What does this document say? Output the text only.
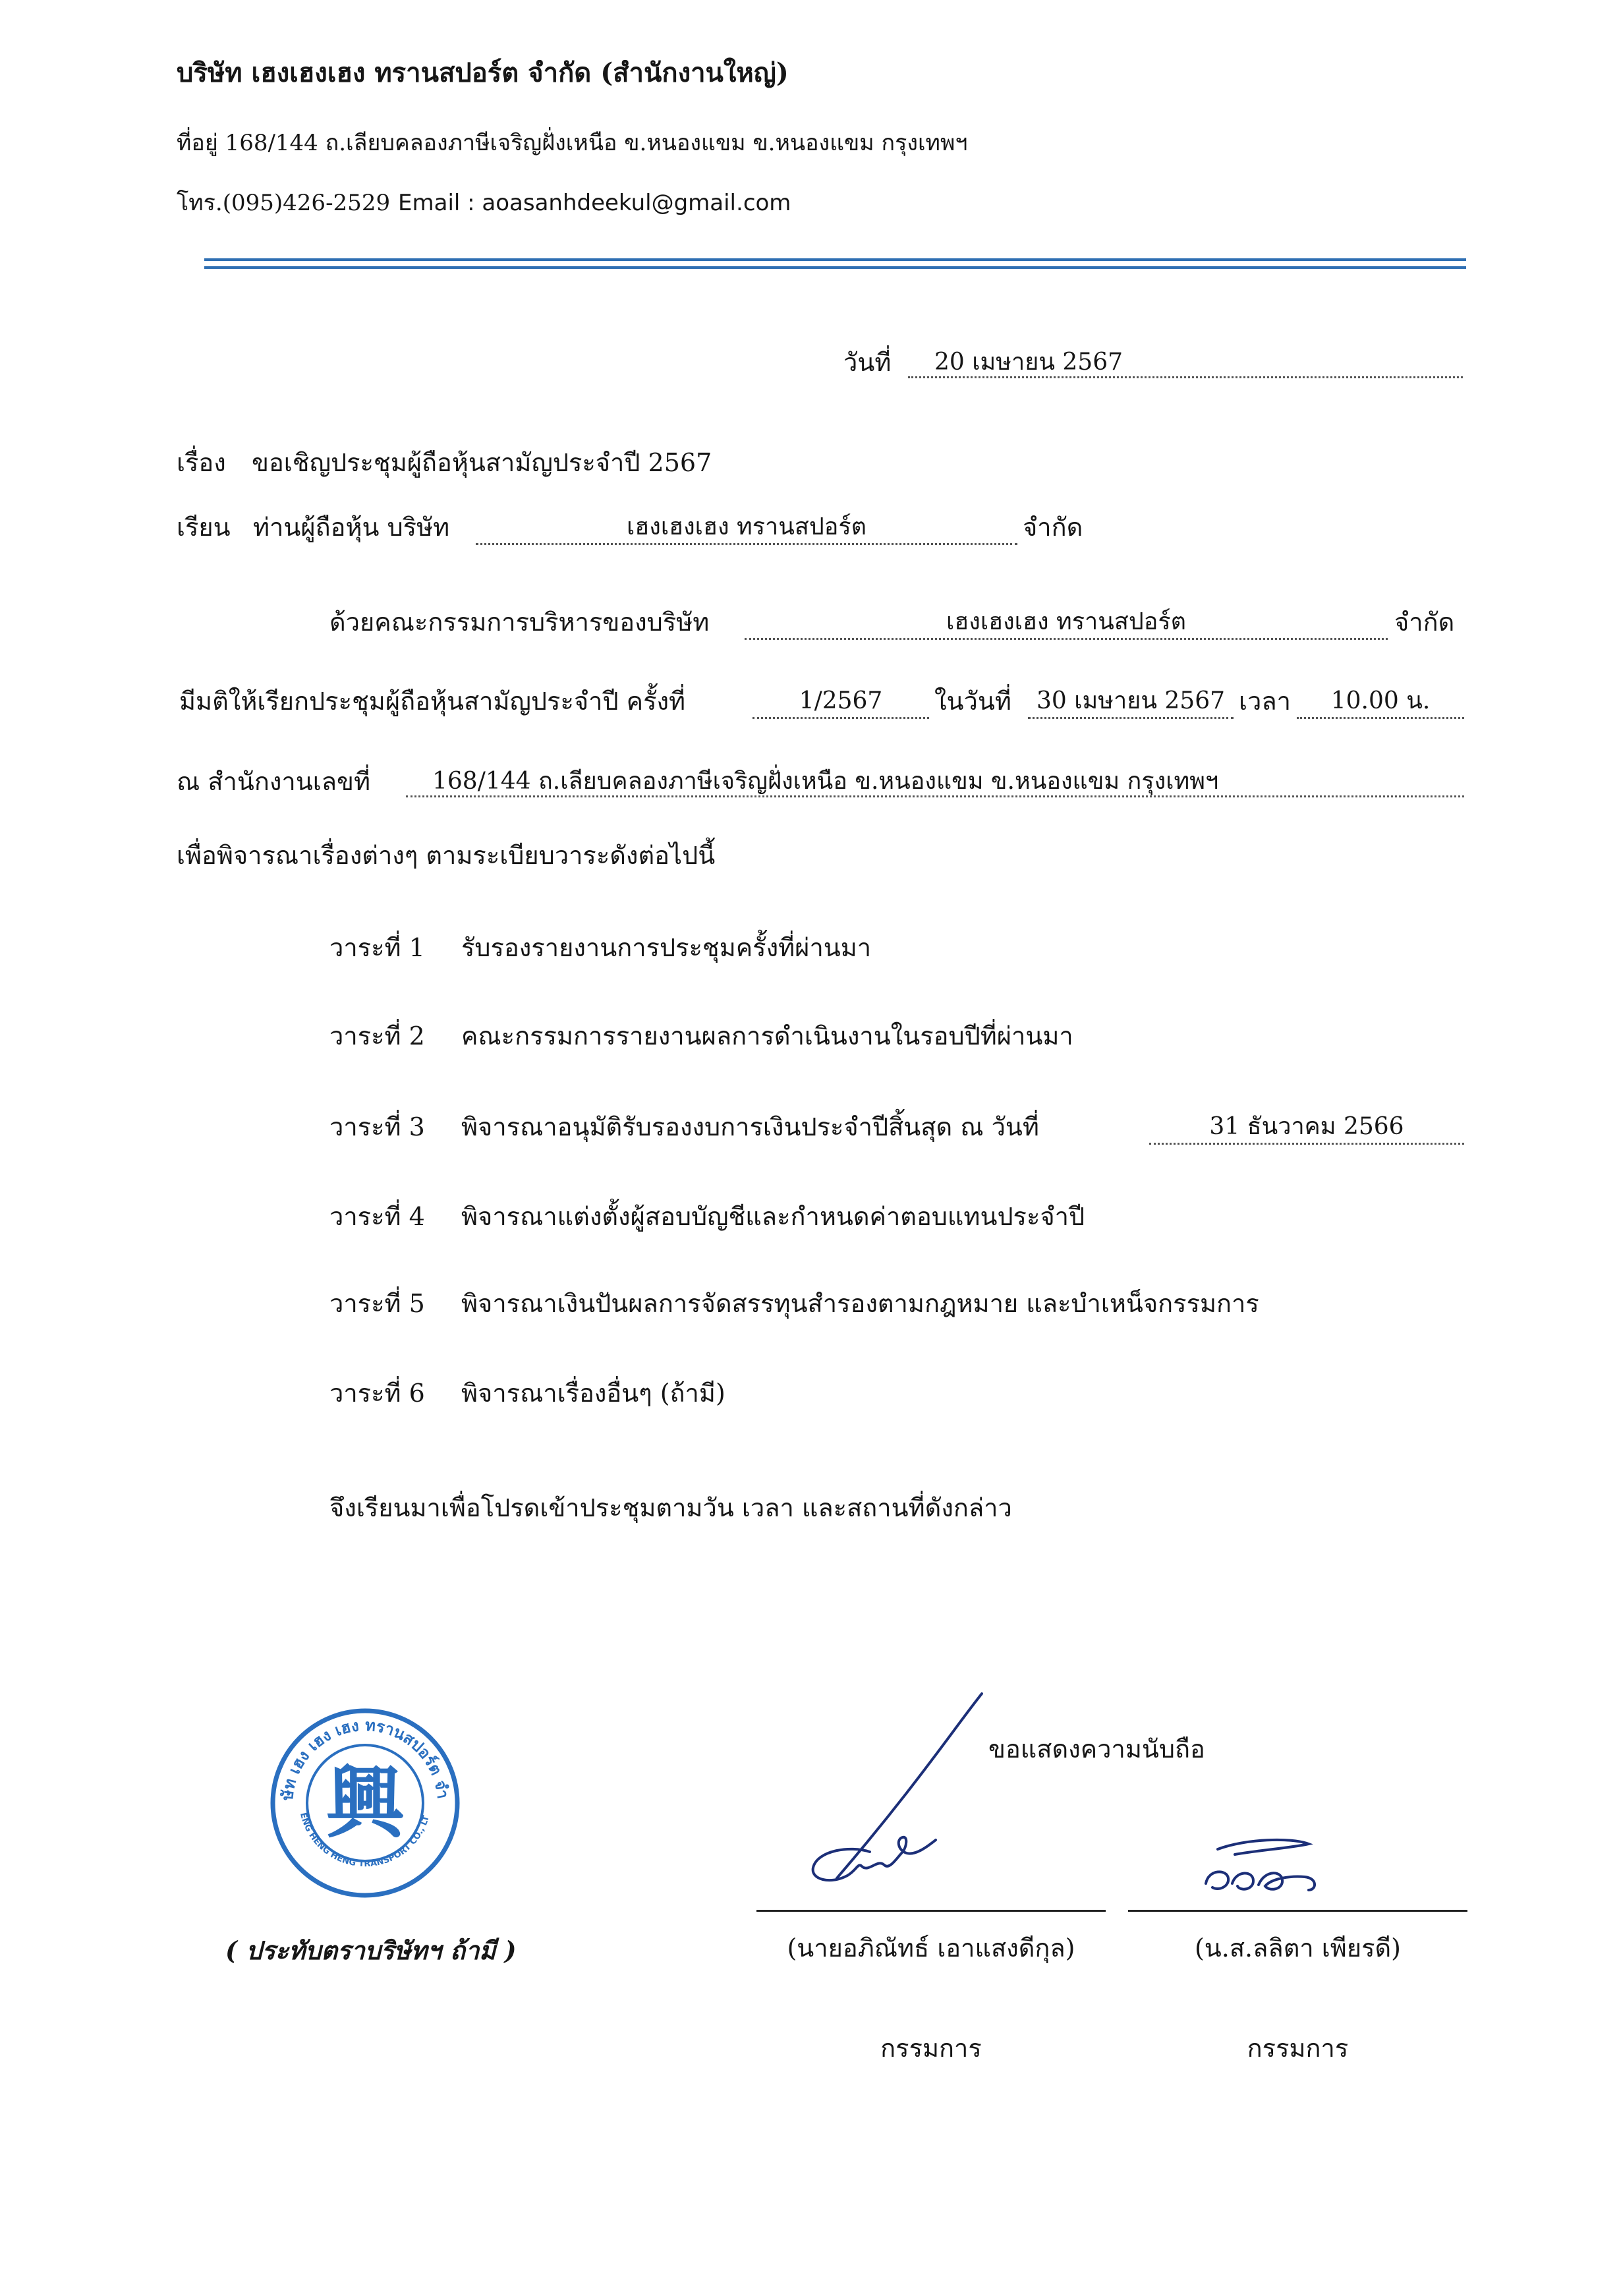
บริษัท เฮงเฮงเฮง ทรานสปอร์ต จำกัด (สำนักงานใหญ่)
ที่อยู่ 168/144 ถ.เลียบคลองภาษีเจริญฝั่งเหนือ ข.หนองแขม ข.หนองแขม กรุงเทพฯ
โทร.(095)426-2529 Email : aoasanhdeekul@gmail.com
วันที่	20 เมษายน 2567
เรื่อง ขอเชิญประชุมผู้ถือหุ้นสามัญประจำปี 2567
เรียน ท่านผู้ถือหุ้น บริษัท	เฮงเฮงเฮง ทรานสปอร์ต	จำกัด
ด้วยคณะกรรมการบริหารของบริษัท	เฮงเฮงเฮง ทรานสปอร์ต	จำกัด
มีมติให้เรียกประชุมผู้ถือหุ้นสามัญประจำปี ครั้งที่	1/2567	ในวันที่	30 เมษายน 2567 เวลา	10.00 น.
ณ สำนักงานเลขที่	168/144 ถ.เลียบคลองภาษีเจริญฝั่งเหนือ ข.หนองแขม ข.หนองแขม กรุงเทพฯ
เพื่อพิจารณาเรื่องต่างๆ ตามระเบียบวาระดังต่อไปนี้
วาระที่ 1 รับรองรายงานการประชุมครั้งที่ผ่านมา
วาระที่ 2 คณะกรรมการรายงานผลการดำเนินงานในรอบปีที่ผ่านมา
วาระที่ 3 พิจารณาอนุมัติรับรองงบการเงินประจำปีสิ้นสุด ณ วันที่	31 ธันวาคม 2566
วาระที่ 4 พิจารณาแต่งตั้งผู้สอบบัญชีและกำหนดค่าตอบแทนประจำปี
วาระที่ 5 พิจารณาเงินปันผลการจัดสรรทุนสำรองตามกฎหมาย และบำเหน็จกรรมการ
วาระที่ 6 พิจารณาเรื่องอื่นๆ (ถ้ามี)
จึงเรียนมาเพื่อโปรดเข้าประชุมตามวัน เวลา และสถานที่ดังกล่าว
ขอแสดงความนับถือ
ษัท เฮง เฮง เฮง ทรานสปอร์ต จำ
ENG HENG HENG TRANSPORT CO., LT
興
( ประทับตราบริษัทฯ ถ้ามี )	(นายอภิณัทธ์ เอาแสงดีกุล)
กรรมการ
(น.ส.ลลิตา เพียรดี)
กรรมการ
